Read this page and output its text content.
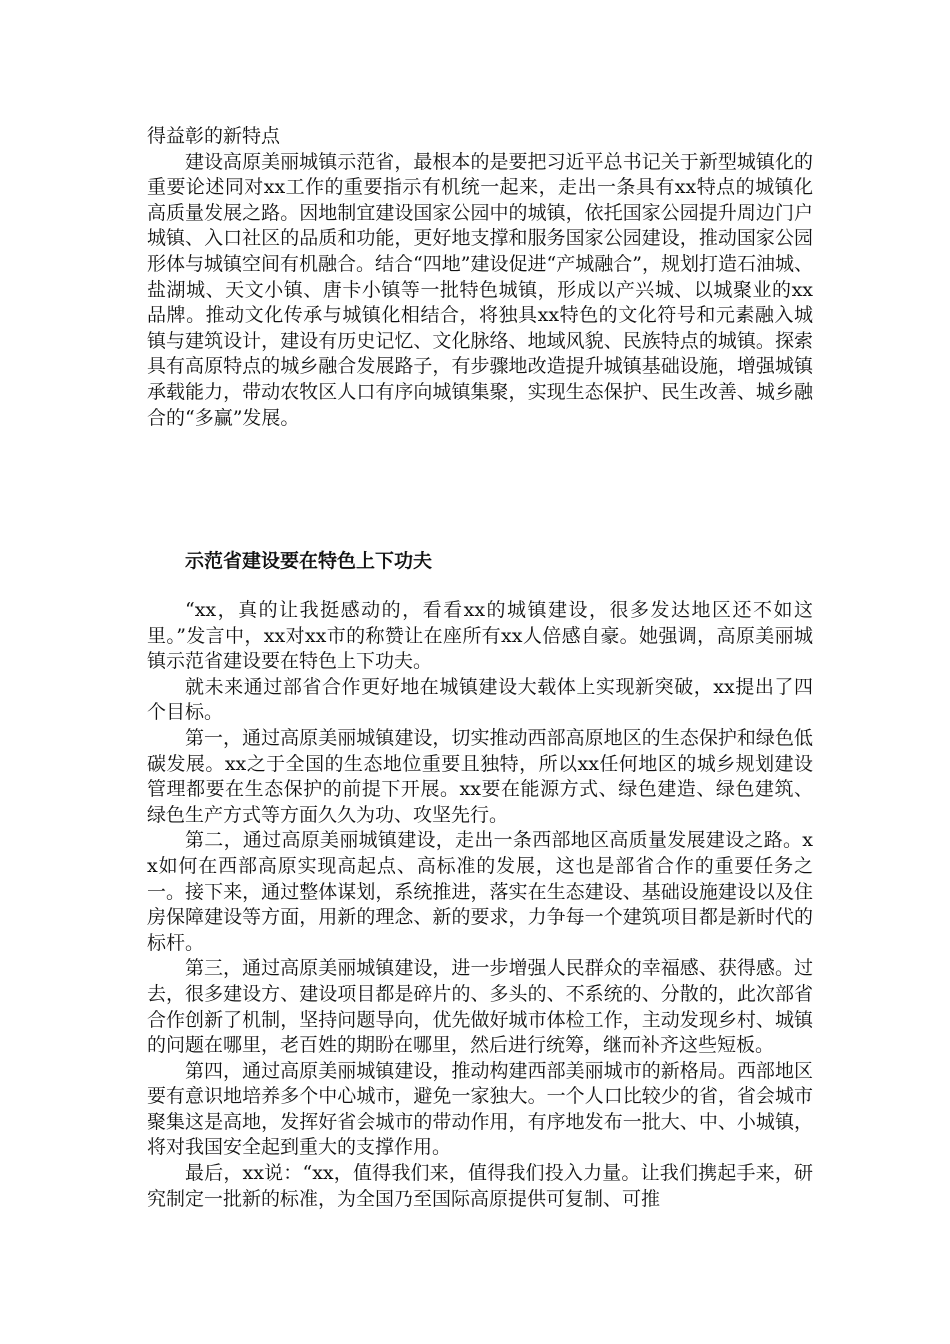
得益彰的新特点

建设高原美丽城镇示范省，最根本的是要把习近平总书记关于新型城镇化的重要论述同对xx工作的重要指示有机统一起来，走出一条具有xx特点的城镇化高质量发展之路。因地制宜建设国家公园中的城镇，依托国家公园提升周边门户城镇、入口社区的品质和功能，更好地支撑和服务国家公园建设，推动国家公园形体与城镇空间有机融合。结合“四地”建设促进“产城融合”，规划打造石油城、盐湖城、天文小镇、唐卡小镇等一批特色城镇，形成以产兴城、以城聚业的xx品牌。推动文化传承与城镇化相结合，将独具xx特色的文化符号和元素融入城镇与建筑设计，建设有历史记忆、文化脉络、地域风貌、民族特点的城镇。探索具有高原特点的城乡融合发展路子，有步骤地改造提升城镇基础设施，增强城镇承载能力，带动农牧区人口有序向城镇集聚，实现生态保护、民生改善、城乡融合的“多赢”发展。

示范省建设要在特色上下功夫

“xx，真的让我挺感动的，看看xx的城镇建设，很多发达地区还不如这里。”发言中，xx对xx市的称赞让在座所有xx人倍感自豪。她强调，高原美丽城镇示范省建设要在特色上下功夫。

就未来通过部省合作更好地在城镇建设大载体上实现新突破，xx提出了四个目标。

第一，通过高原美丽城镇建设，切实推动西部高原地区的生态保护和绿色低碳发展。xx之于全国的生态地位重要且独特，所以xx任何地区的城乡规划建设管理都要在生态保护的前提下开展。xx要在能源方式、绿色建造、绿色建筑、绿色生产方式等方面久久为功、攻坚先行。

第二，通过高原美丽城镇建设，走出一条西部地区高质量发展建设之路。xx如何在西部高原实现高起点、高标准的发展，这也是部省合作的重要任务之一。接下来，通过整体谋划，系统推进，落实在生态建设、基础设施建设以及住房保障建设等方面，用新的理念、新的要求，力争每一个建筑项目都是新时代的标杆。

第三，通过高原美丽城镇建设，进一步增强人民群众的幸福感、获得感。过去，很多建设方、建设项目都是碎片的、多头的、不系统的、分散的，此次部省合作创新了机制，坚持问题导向，优先做好城市体检工作，主动发现乡村、城镇的问题在哪里，老百姓的期盼在哪里，然后进行统筹，继而补齐这些短板。

第四，通过高原美丽城镇建设，推动构建西部美丽城市的新格局。西部地区要有意识地培养多个中心城市，避免一家独大。一个人口比较少的省，省会城市聚集这是高地，发挥好省会城市的带动作用，有序地发布一批大、中、小城镇，将对我国安全起到重大的支撑作用。

最后，xx说：“xx，值得我们来，值得我们投入力量。让我们携起手来，研究制定一批新的标准，为全国乃至国际高原提供可复制、可推
